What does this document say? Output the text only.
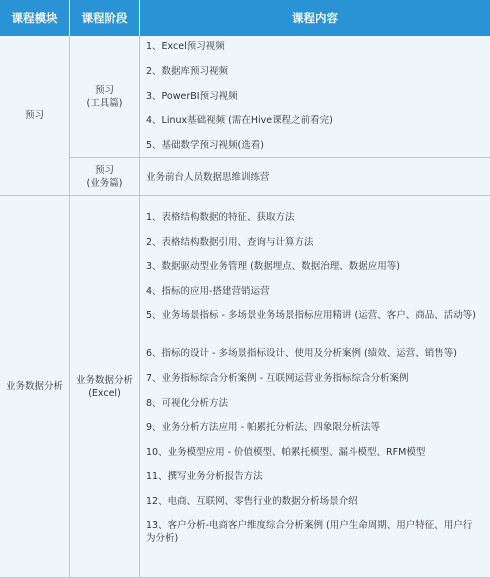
课程模块	课程阶段	课程内容
预习
业务数据分析
预习
(工具篇)
预习
(业务篇)
业务数据分析
(Excel)
1、Excel预习视频
2、数据库预习视频
3、PowerBI预习视频
4、Linux基础视频 (需在Hive课程之前看完)
5、基础数学预习视频(选看)
业务前台人员数据思维训练营
1、表格结构数据的特征、获取方法
2、表格结构数据引用、查询与计算方法
3、数据驱动型业务管理 (数据埋点、数据治理、数据应用等)
4、指标的应用-搭建营销运营
5、业务场景指标 - 多场景业务场景指标应用精讲 (运营、客户、商品、活动等)
6、指标的设计 - 多场景指标设计、使用及分析案例 (绩效、运营、销售等)
7、业务指标综合分析案例 - 互联网运营业务指标综合分析案例
8、可视化分析方法
9、业务分析方法应用 - 帕累托分析法、四象限分析法等
10、业务模型应用 - 价值模型、帕累托模型、漏斗模型、RFM模型
11、撰写业务分析报告方法
12、电商、互联网、零售行业的数据分析场景介绍
13、客户分析-电商客户维度综合分析案例 (用户生命周期、用户特征、用户行为分析)
